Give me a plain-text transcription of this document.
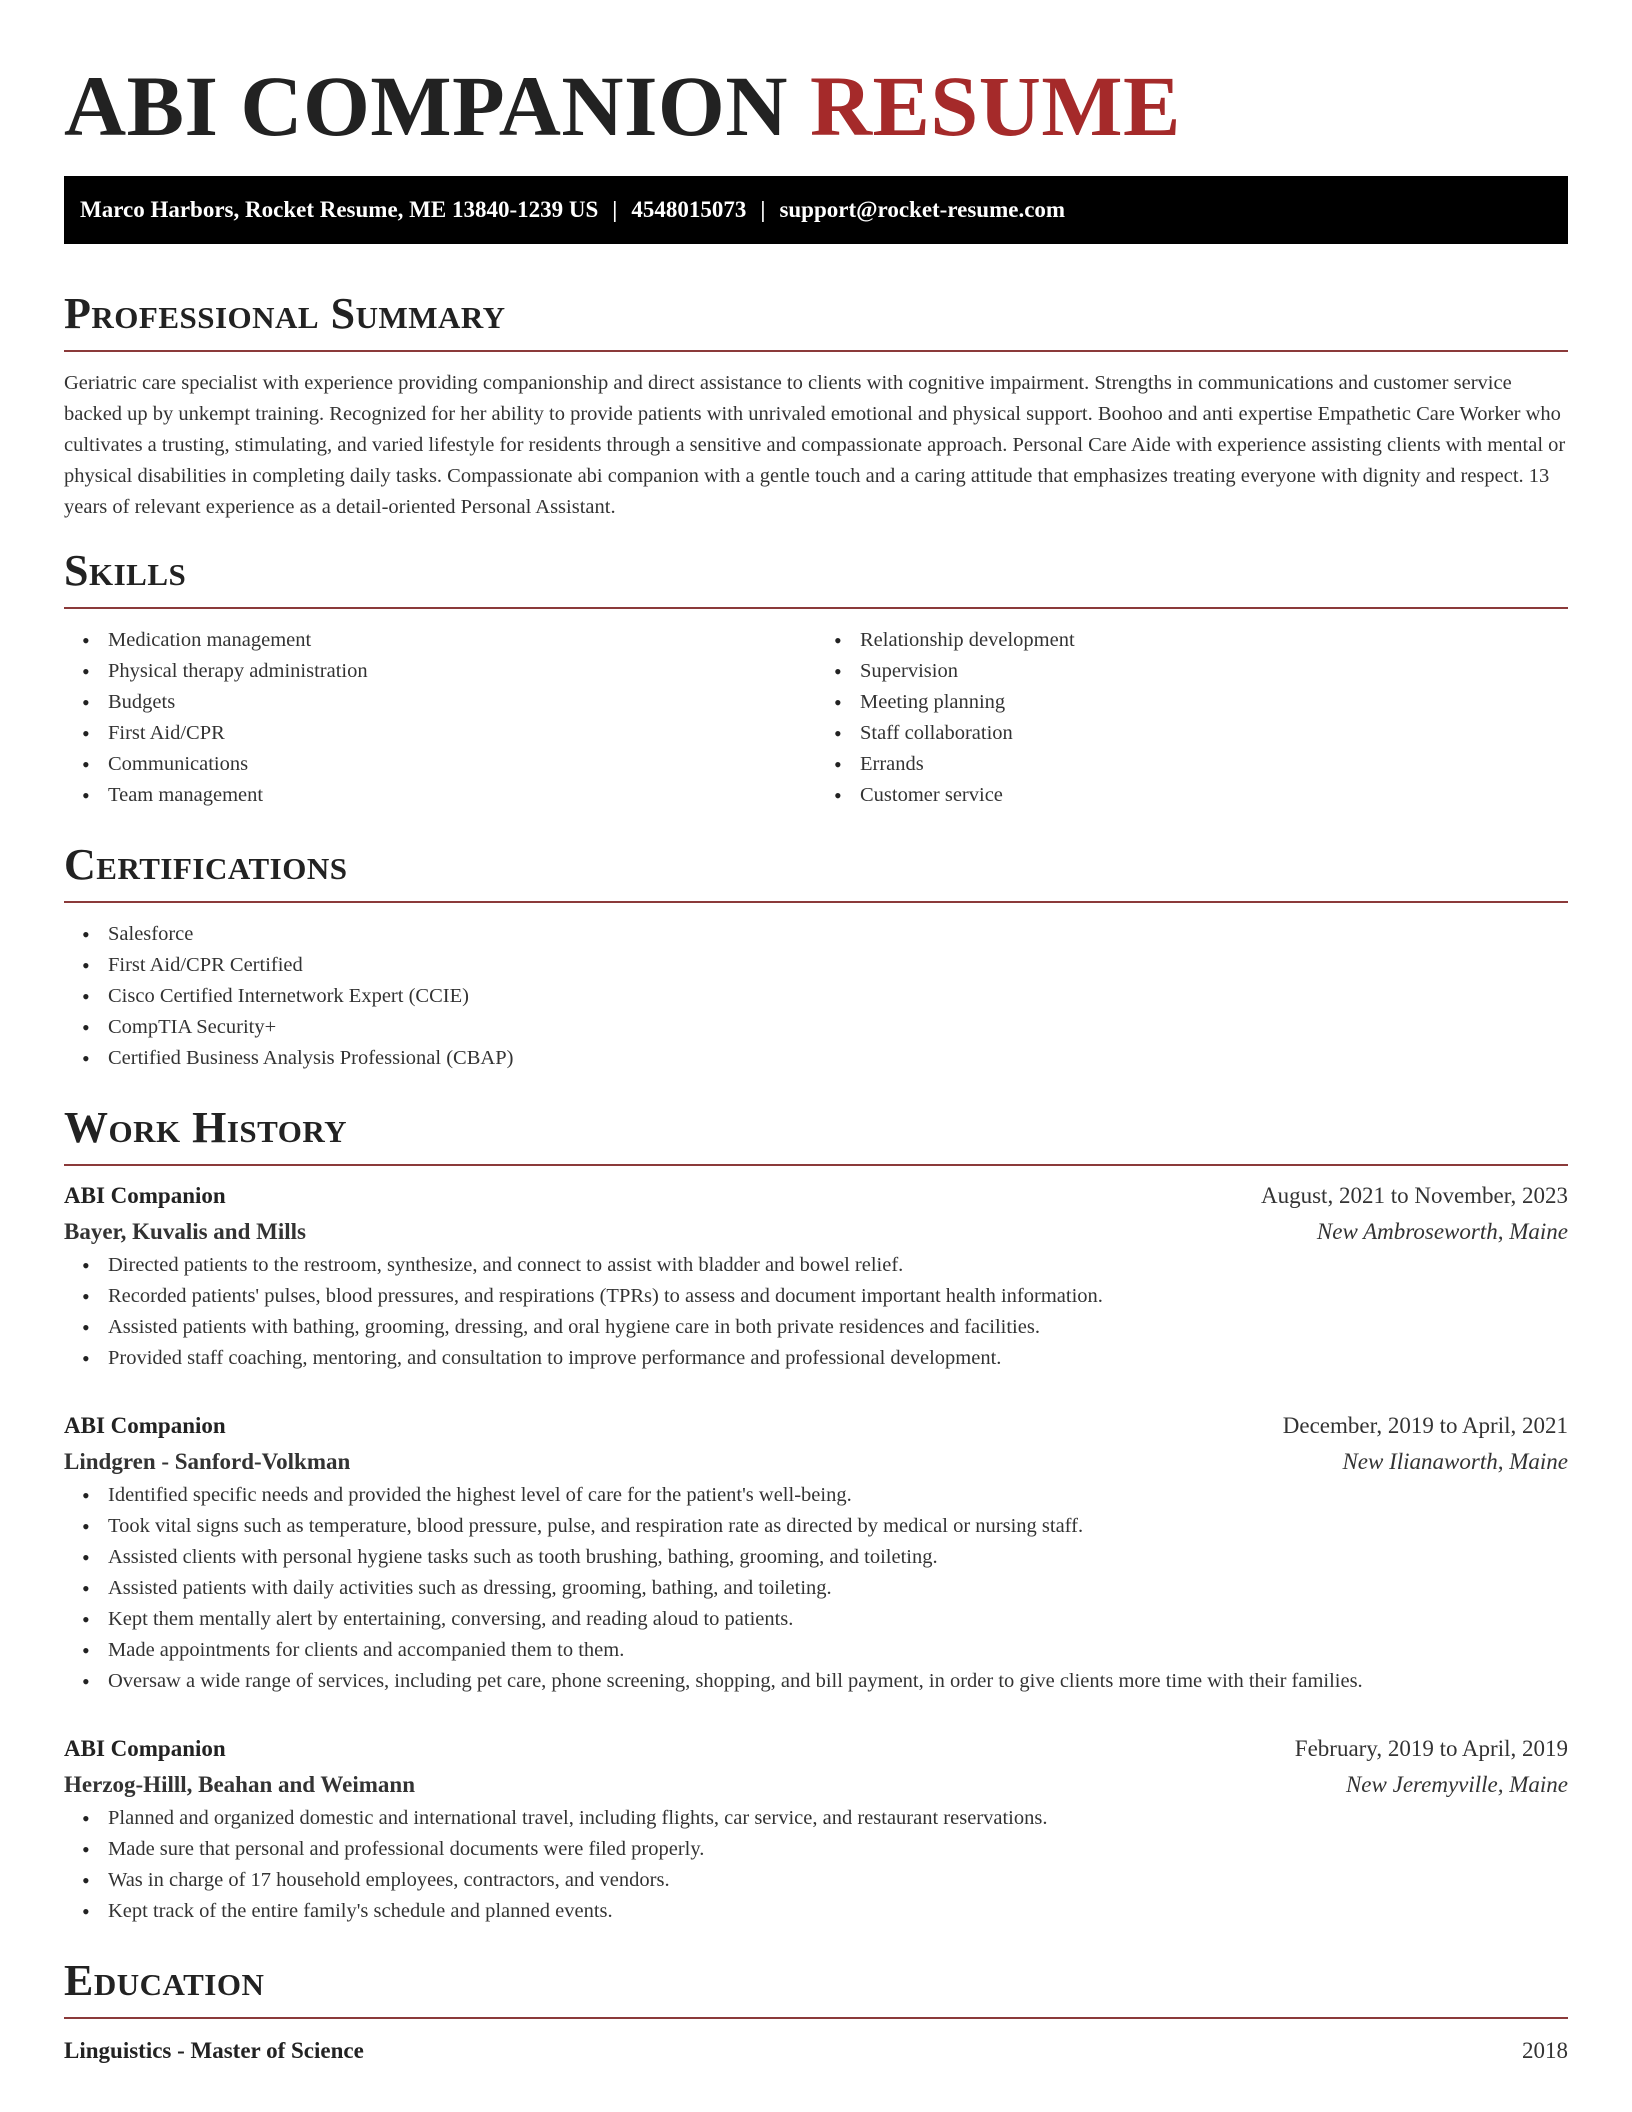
ABI COMPANION RESUME
Marco Harbors, Rocket Resume, ME 13840-1239 US | 4548015073 | support@rocket-resume.com
Professional Summary

Geriatric care specialist with experience providing companionship and direct assistance to clients with cognitive impairment. Strengths in communications and customer service backed up by unkempt training. Recognized for her ability to provide patients with unrivaled emotional and physical support. Boohoo and anti expertise Empathetic Care Worker who cultivates a trusting, stimulating, and varied lifestyle for residents through a sensitive and compassionate approach. Personal Care Aide with experience assisting clients with mental or physical disabilities in completing daily tasks. Compassionate abi companion with a gentle touch and a caring attitude that emphasizes treating everyone with dignity and respect. 13 years of relevant experience as a detail-oriented Personal Assistant.

Skills
• Medication management
• Physical therapy administration
• Budgets
• First Aid/CPR
• Communications
• Team management
• Relationship development
• Supervision
• Meeting planning
• Staff collaboration
• Errands
• Customer service
Certifications
• Salesforce
• First Aid/CPR Certified
• Cisco Certified Internetwork Expert (CCIE)
• CompTIA Security+
• Certified Business Analysis Professional (CBAP)
Work History
ABI Companion	August, 2021 to November, 2023
Bayer, Kuvalis and Mills	New Ambroseworth, Maine
• Directed patients to the restroom, synthesize, and connect to assist with bladder and bowel relief.
• Recorded patients' pulses, blood pressures, and respirations (TPRs) to assess and document important health information.
• Assisted patients with bathing, grooming, dressing, and oral hygiene care in both private residences and facilities.
• Provided staff coaching, mentoring, and consultation to improve performance and professional development.
ABI Companion	December, 2019 to April, 2021
Lindgren - Sanford-Volkman	New Ilianaworth, Maine
• Identified specific needs and provided the highest level of care for the patient's well-being.
• Took vital signs such as temperature, blood pressure, pulse, and respiration rate as directed by medical or nursing staff.
• Assisted clients with personal hygiene tasks such as tooth brushing, bathing, grooming, and toileting.
• Assisted patients with daily activities such as dressing, grooming, bathing, and toileting.
• Kept them mentally alert by entertaining, conversing, and reading aloud to patients.
• Made appointments for clients and accompanied them to them.
• Oversaw a wide range of services, including pet care, phone screening, shopping, and bill payment, in order to give clients more time with their families.
ABI Companion	February, 2019 to April, 2019
Herzog-Hilll, Beahan and Weimann	New Jeremyville, Maine
• Planned and organized domestic and international travel, including flights, car service, and restaurant reservations.
• Made sure that personal and professional documents were filed properly.
• Was in charge of 17 household employees, contractors, and vendors.
• Kept track of the entire family's schedule and planned events.
Education
Linguistics - Master of Science	2018
